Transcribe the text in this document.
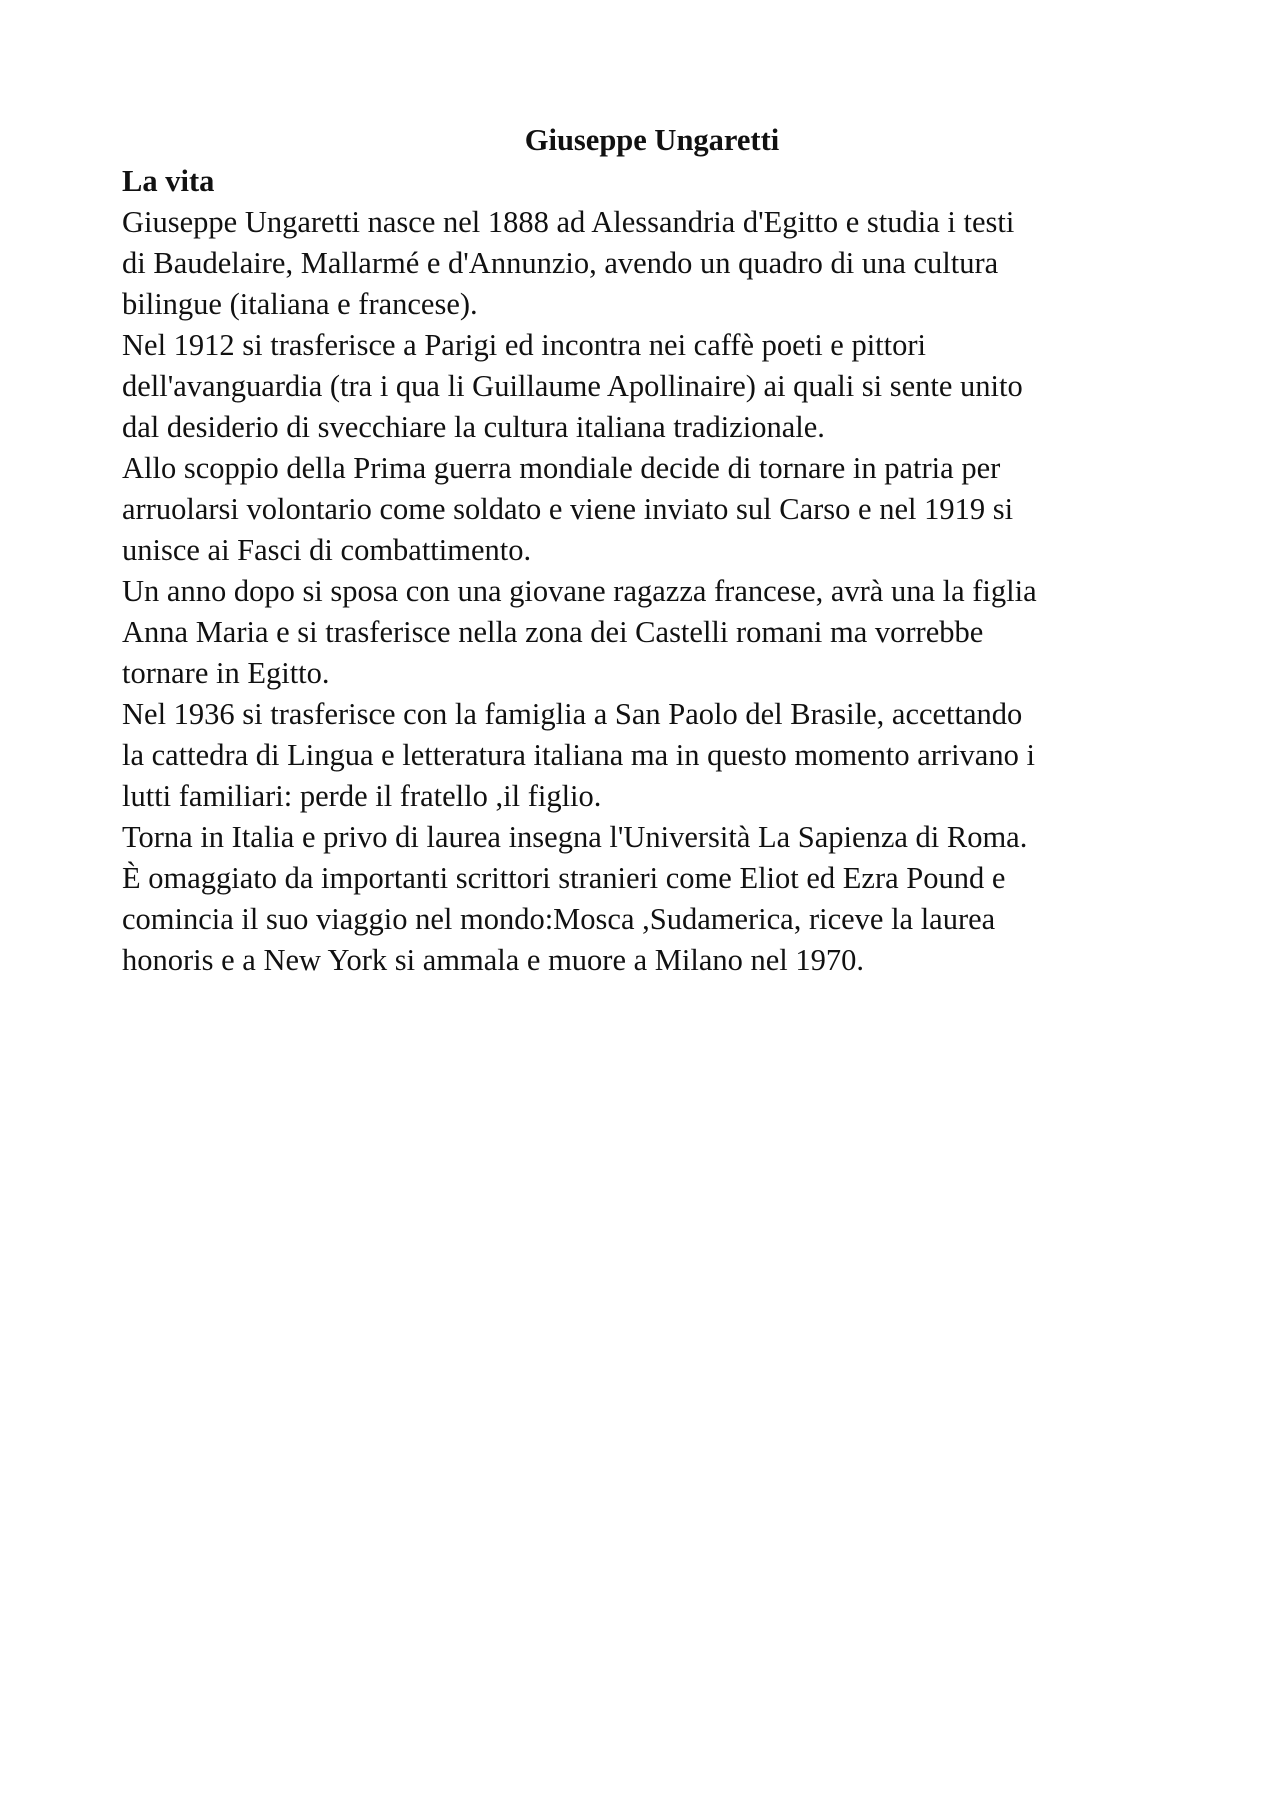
Giuseppe Ungaretti
La vita

Giuseppe Ungaretti nasce nel 1888 ad Alessandria d'Egitto e studia i testi

di Baudelaire, Mallarmé e d'Annunzio, avendo un quadro di una cultura

bilingue (italiana e francese).

Nel 1912 si trasferisce a Parigi ed incontra nei caffè poeti e pittori

dell'avanguardia (tra i qua li Guillaume Apollinaire) ai quali si sente unito

dal desiderio di svecchiare la cultura italiana tradizionale.

Allo scoppio della Prima guerra mondiale decide di tornare in patria per

arruolarsi volontario come soldato e viene inviato sul Carso e nel 1919 si

unisce ai Fasci di combattimento.

Un anno dopo si sposa con una giovane ragazza francese, avrà una la figlia

Anna Maria e si trasferisce nella zona dei Castelli romani ma vorrebbe

tornare in Egitto.

Nel 1936 si trasferisce con la famiglia a San Paolo del Brasile, accettando

la cattedra di Lingua e letteratura italiana ma in questo momento arrivano i

lutti familiari: perde il fratello ,il figlio.

Torna in Italia e privo di laurea insegna l'Università La Sapienza di Roma.

È omaggiato da importanti scrittori stranieri come Eliot ed Ezra Pound e

comincia il suo viaggio nel mondo:Mosca ,Sudamerica, riceve la laurea

honoris e a New York si ammala e muore a Milano nel 1970.
